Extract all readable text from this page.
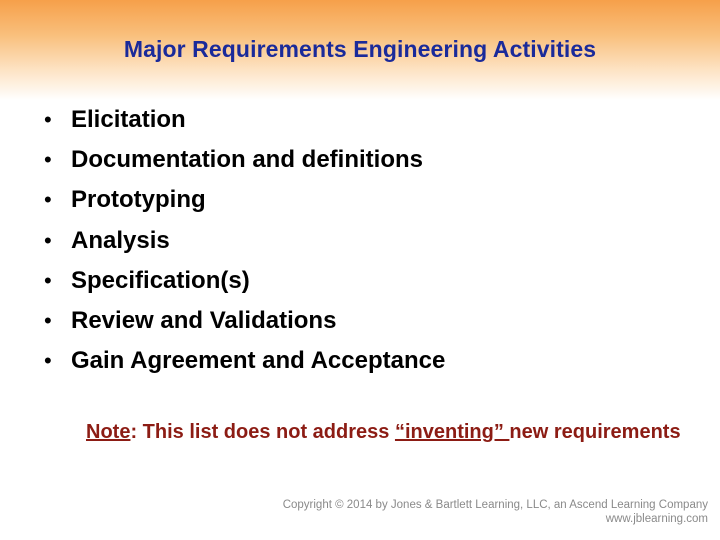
Major Requirements Engineering Activities
• Elicitation
• Documentation and definitions
• Prototyping
• Analysis
• Specification(s)
• Review and Validations
• Gain Agreement and Acceptance
Note: This list does not address “inventing” new requirements
Copyright © 2014 by Jones & Bartlett Learning, LLC, an Ascend Learning Company
www.jblearning.com
